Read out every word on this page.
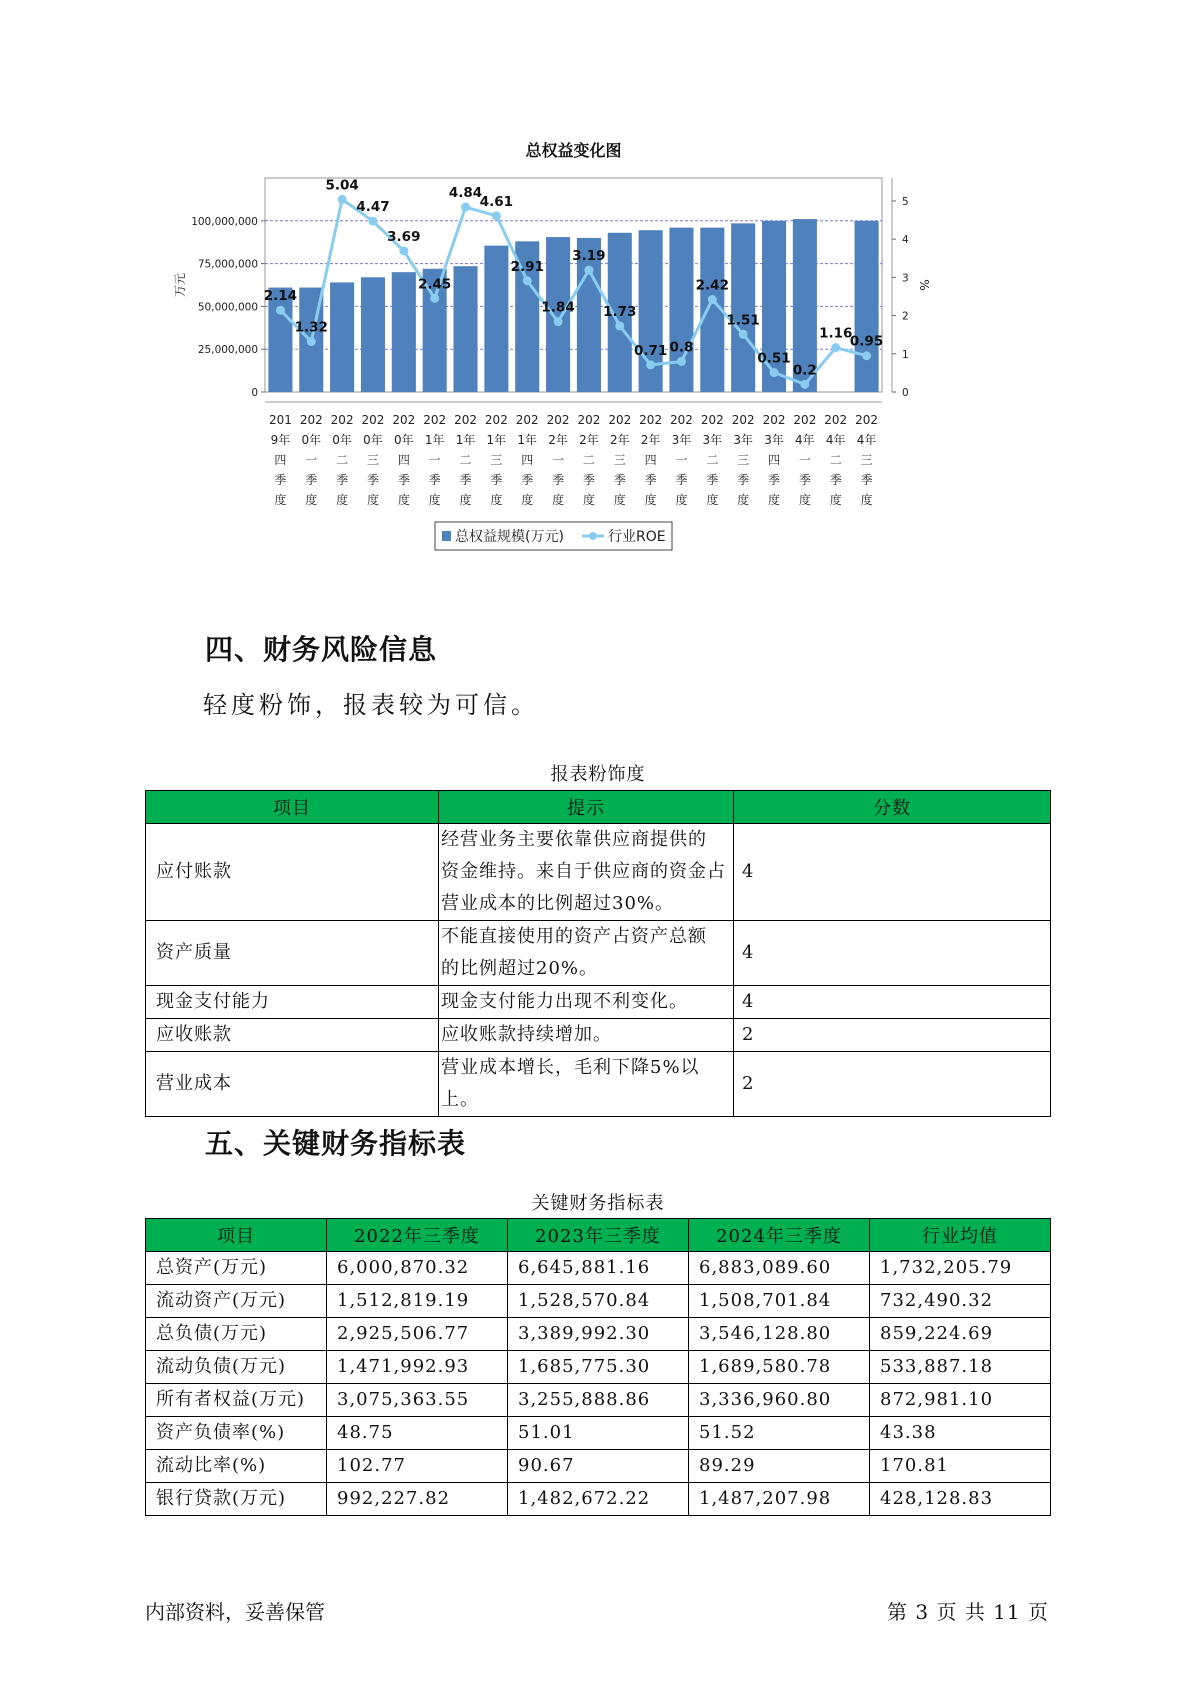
总权益变化图
0
25,000,000
50,000,000
75,000,000
100,000,000
万元
0
1
2
3
4
5
%
201
9年
四
季
度
202
0年
一
季
度
202
0年
二
季
度
202
0年
三
季
度
202
0年
四
季
度
202
1年
一
季
度
202
1年
二
季
度
202
1年
三
季
度
202
1年
四
季
度
202
2年
一
季
度
202
2年
二
季
度
202
2年
三
季
度
202
2年
四
季
度
202
3年
一
季
度
202
3年
二
季
度
202
3年
三
季
度
202
3年
四
季
度
202
4年
一
季
度
202
4年
二
季
度
202
4年
三
季
度
2.14
1.32
5.04
4.47
3.69
2.45
4.84
4.61
2.91
1.84
3.19
1.73
0.71 0.8
2.42
1.51
0.51
0.2
1.16
0.95
总权益规模(万元)	行业ROE
四、财务风险信息
轻度粉饰，报表较为可信。
报表粉饰度
项目	提示	分数
应付账款	经营业务主要依靠供应商提供的
资金维持。来自于供应商的资金占
营业成本的比例超过30%。	4
资产质量	不能直接使用的资产占资产总额
的比例超过20%。	4
现金支付能力	现金支付能力出现不利变化。	4
应收账款	应收账款持续增加。	2
营业成本	营业成本增长，毛利下降5%以上。	2
五、关键财务指标表
关键财务指标表
项目	2022年三季度	2023年三季度	2024年三季度	行业均值
总资产(万元)	6,000,870.32	6,645,881.16	6,883,089.60	1,732,205.79
流动资产(万元)	1,512,819.19	1,528,570.84	1,508,701.84	732,490.32
总负债(万元)	2,925,506.77	3,389,992.30	3,546,128.80	859,224.69
流动负债(万元)	1,471,992.93	1,685,775.30	1,689,580.78	533,887.18
所有者权益(万元)	3,075,363.55	3,255,888.86	3,336,960.80	872,981.10
资产负债率(%)	48.75	51.01	51.52	43.38
流动比率(%)	102.77	90.67	89.29	170.81
银行贷款(万元)	992,227.82	1,482,672.22	1,487,207.98	428,128.83
内部资料，妥善保管	第 3 页 共 11 页
